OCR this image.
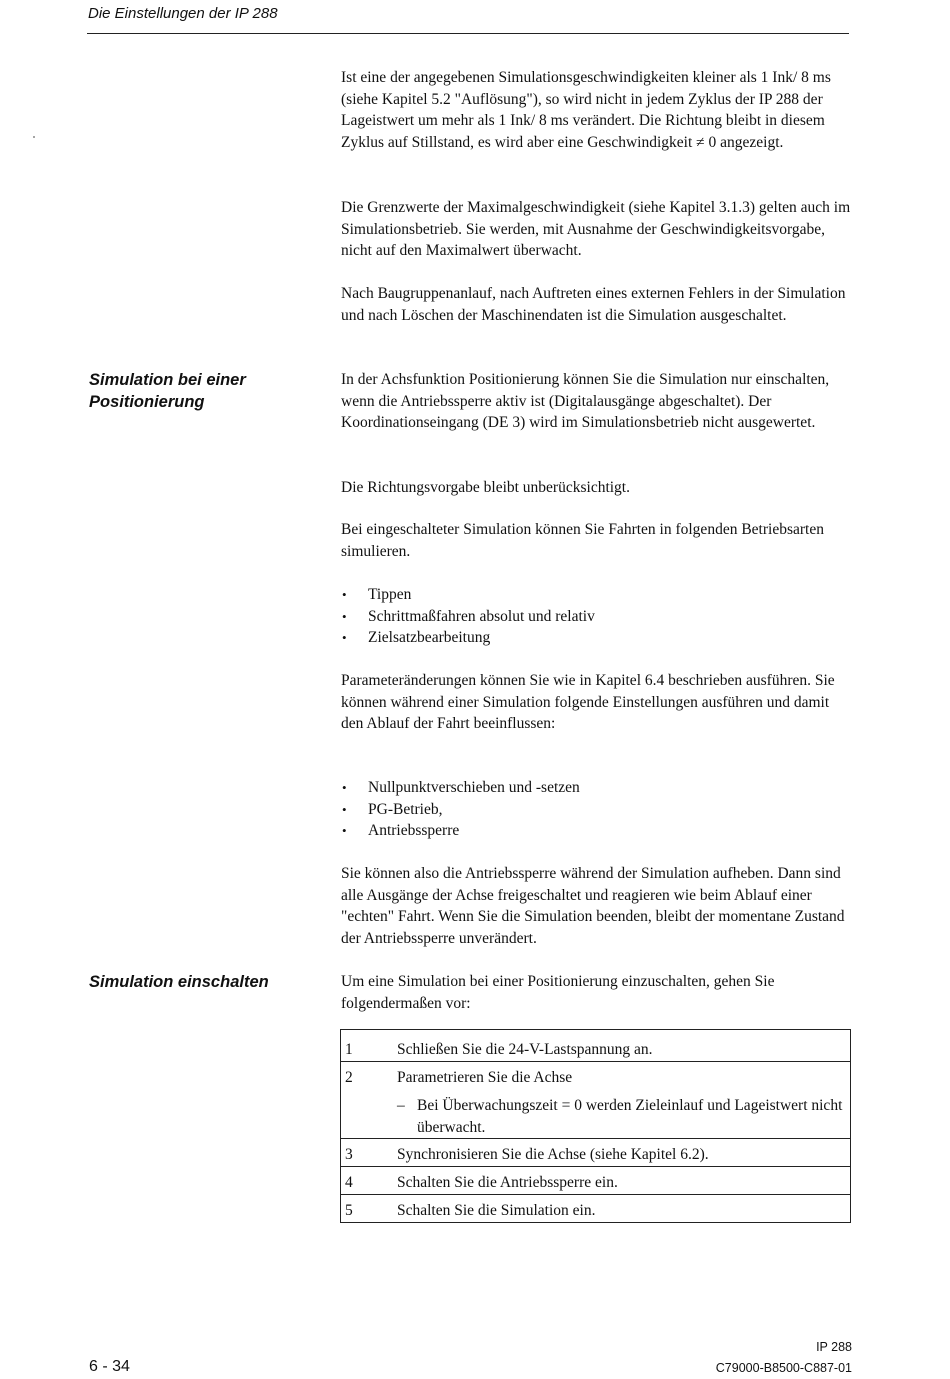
Die Einstellungen der IP 288

Ist eine der angegebenen Simulationsgeschwindigkeiten kleiner als 1 Ink/ 8 ms (siehe Kapitel 5.2 "Auflösung"), so wird nicht in jedem Zyklus der IP 288 der Lageistwert um mehr als 1 Ink/ 8 ms verändert. Die Richtung bleibt in diesem Zyklus auf Stillstand, es wird aber eine Geschwindigkeit ≠ 0 angezeigt.

Die Grenzwerte der Maximalgeschwindigkeit (siehe Kapitel 3.1.3) gelten auch im Simulationsbetrieb. Sie werden, mit Ausnahme der Geschwindigkeitsvorgabe, nicht auf den Maximalwert überwacht.

Nach Baugruppenanlauf, nach Auftreten eines externen Fehlers in der Simulation und nach Löschen der Maschinendaten ist die Simulation ausgeschaltet.

Simulation bei einer Positionierung

In der Achsfunktion Positionierung können Sie die Simulation nur einschalten, wenn die Antriebssperre aktiv ist (Digitalausgänge abgeschaltet). Der Koordinationseingang (DE 3) wird im Simulationsbetrieb nicht ausgewertet.

Die Richtungsvorgabe bleibt unberücksichtigt.

Bei eingeschalteter Simulation können Sie Fahrten in folgenden Betriebsarten simulieren.

• Tippen
• Schrittmaßfahren absolut und relativ
• Zielsatzbearbeitung

Parameteränderungen können Sie wie in Kapitel 6.4 beschrieben ausführen. Sie können während einer Simulation folgende Einstellungen ausführen und damit den Ablauf der Fahrt beeinflussen:

• Nullpunktverschieben und -setzen
• PG-Betrieb,
• Antriebssperre

Sie können also die Antriebssperre während der Simulation aufheben. Dann sind alle Ausgänge der Achse freigeschaltet und reagieren wie beim Ablauf einer "echten" Fahrt. Wenn Sie die Simulation beenden, bleibt der momentane Zustand der Antriebssperre unverändert.

Simulation einschalten	Um eine Simulation bei einer Positionierung einzuschalten, gehen Sie folgendermaßen vor:

1	Schließen Sie die 24-V-Lastspannung an.
2	Parametrieren Sie die Achse
– Bei Überwachungszeit = 0 werden Zieleinlauf und Lageistwert nicht überwacht.

3	Synchronisieren Sie die Achse (siehe Kapitel 6.2).
4	Schalten Sie die Antriebssperre ein.
5	Schalten Sie die Simulation ein.
6 - 34
IP 288
C79000-B8500-C887-01
